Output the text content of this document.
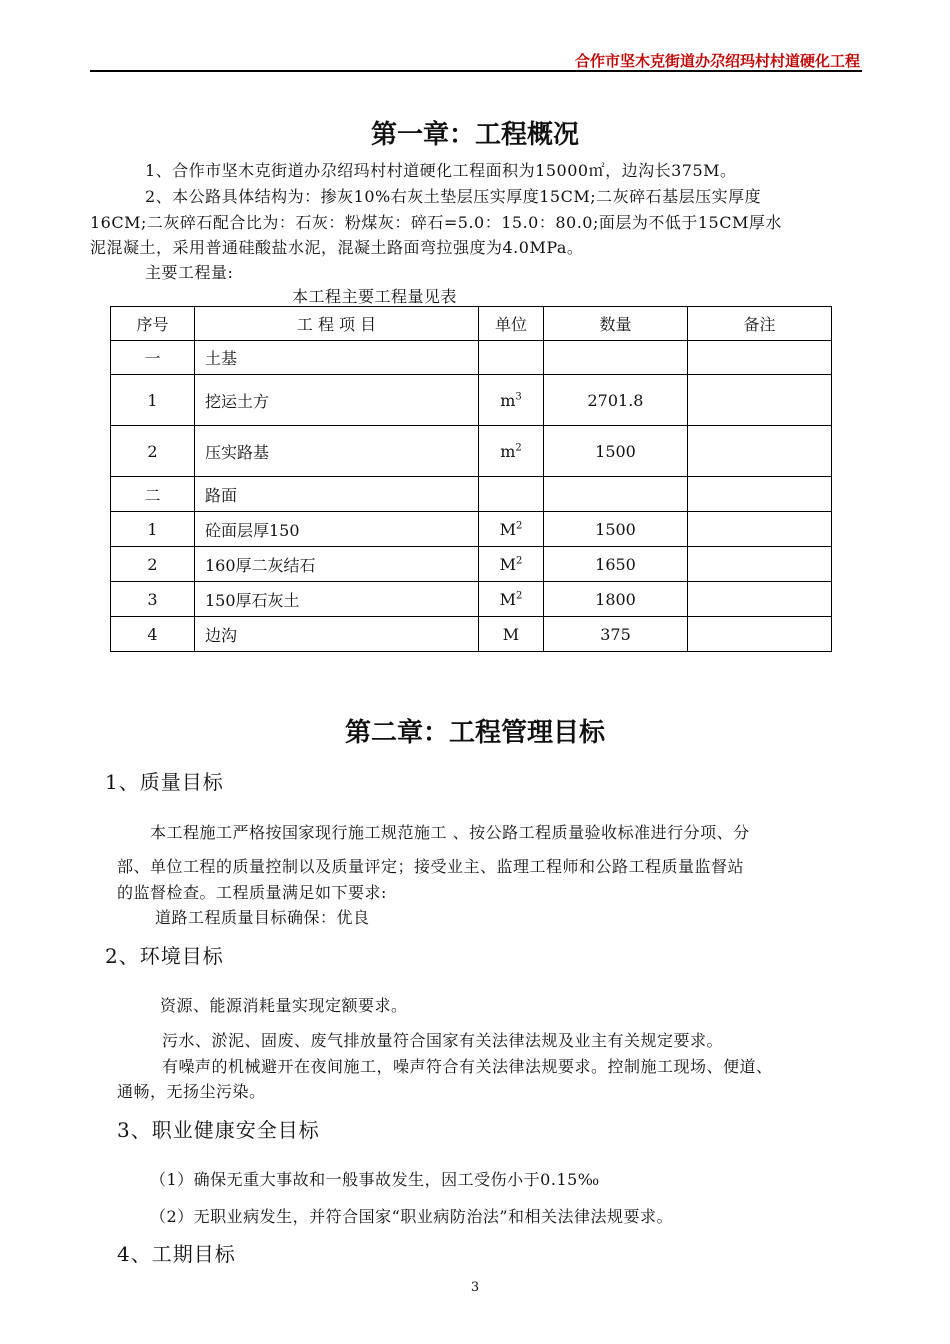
合作市坚木克街道办尕绍玛村村道硬化工程
第一章：工程概况
1、合作市坚木克街道办尕绍玛村村道硬化工程面积为15000㎡，边沟长375M。
2、本公路具体结构为：掺灰10%右灰土垫层压实厚度15CM;二灰碎石基层压实厚度
16CM;二灰碎石配合比为：石灰：粉煤灰：碎石=5.0：15.0：80.0;面层为不低于15CM厚水
泥混凝土，采用普通硅酸盐水泥，混凝土路面弯拉强度为4.0MPa。
主要工程量:
本工程主要工程量见表
序号	工 程 项 目	单位	数量	备注
一	土基			
1	挖运土方	$m^3$	2701.8	
2	压实路基	$m^2$	1500	
二	路面			
1	砼面层厚150	$M^2$	1500	
2	160厚二灰结石	$M^2$	1650	
3	150厚石灰土	$M^2$	1800	
4	边沟	M	375	
第二章：工程管理目标
1、质量目标
本工程施工严格按国家现行施工规范施工 、按公路工程质量验收标准进行分项、分
部、单位工程的质量控制以及质量评定；接受业主、监理工程师和公路工程质量监督站
的监督检查。工程质量满足如下要求:
道路工程质量目标确保：优良
2、环境目标
资源、能源消耗量实现定额要求。
污水、淤泥、固废、废气排放量符合国家有关法律法规及业主有关规定要求。
有噪声的机械避开在夜间施工，噪声符合有关法律法规要求。控制施工现场、便道、
通畅，无扬尘污染。
3、职业健康安全目标
（1）确保无重大事故和一般事故发生，因工受伤小于0.15‰
（2）无职业病发生，并符合国家“职业病防治法”和相关法律法规要求。
4、工期目标
3
